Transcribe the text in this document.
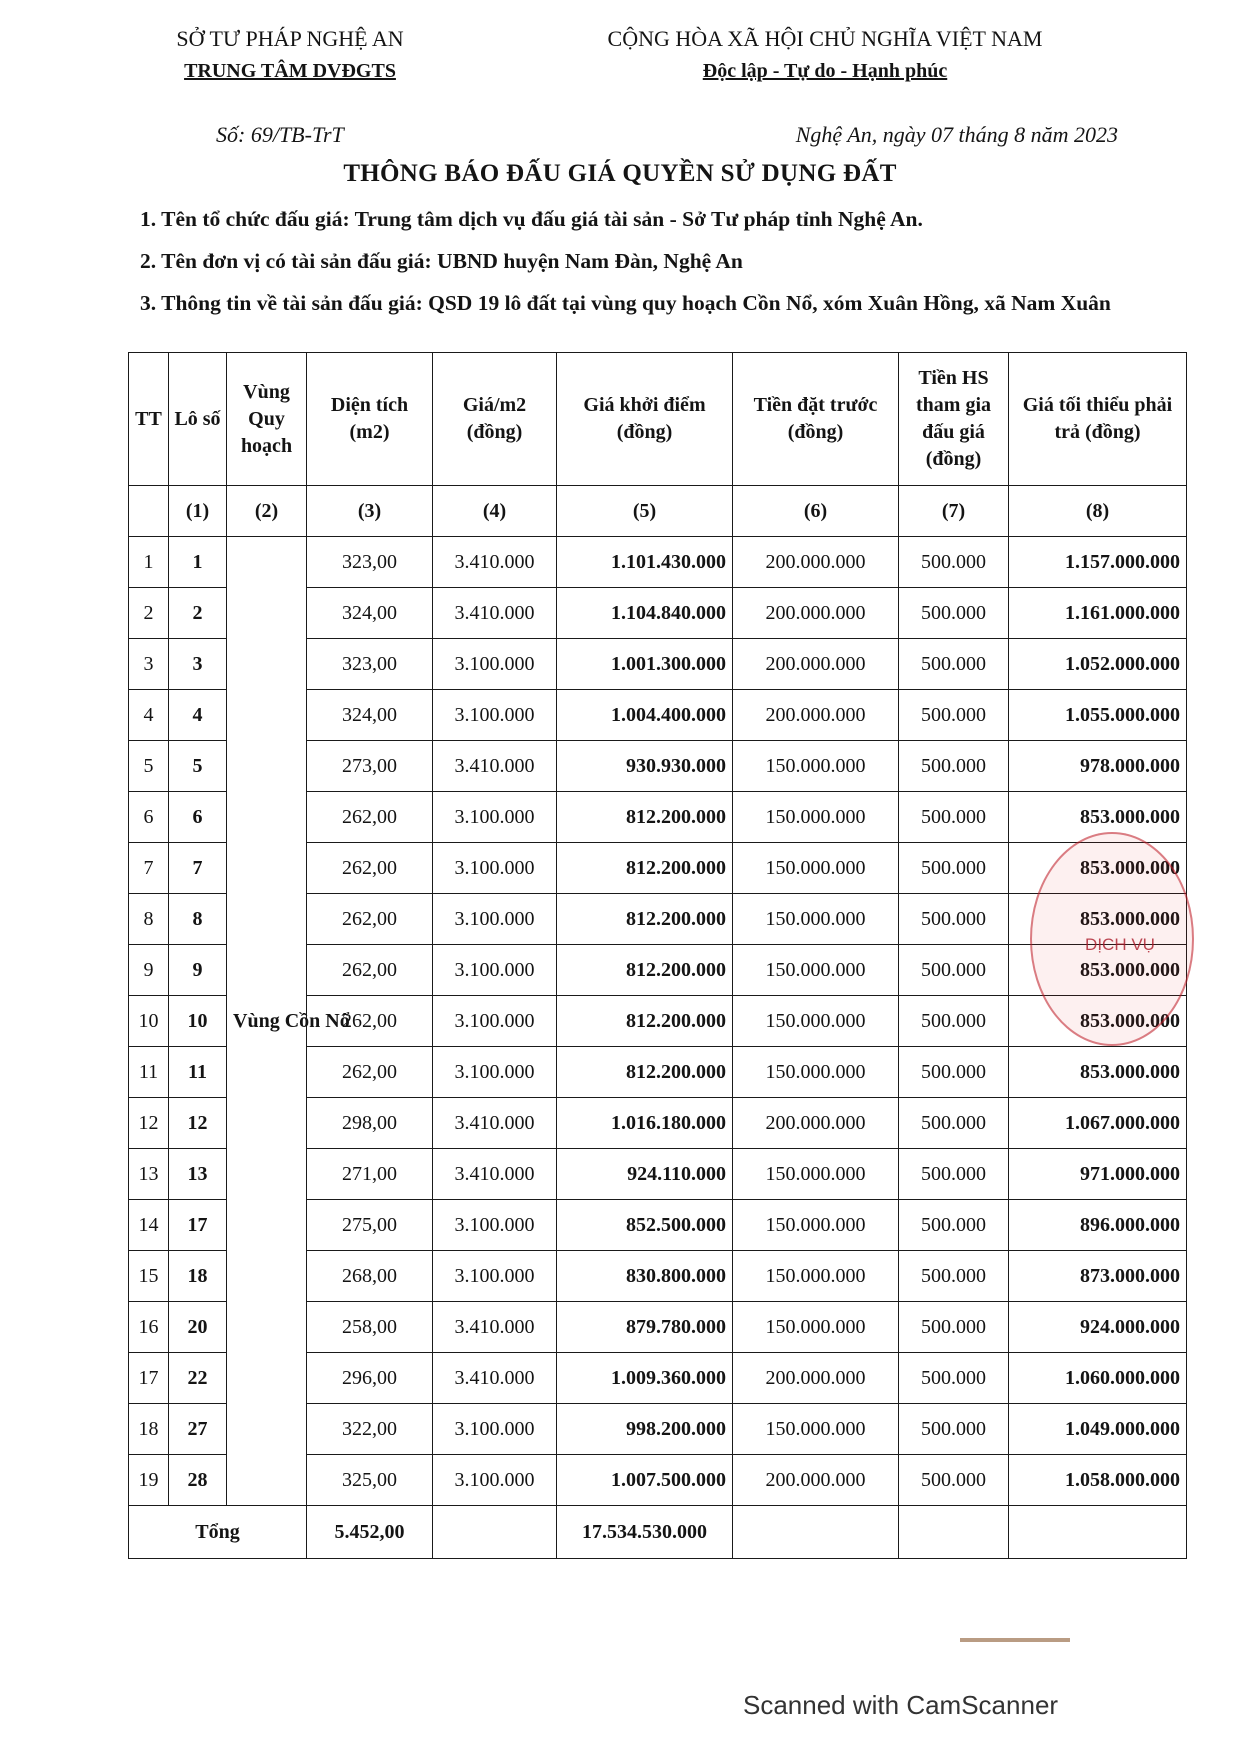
SỞ TƯ PHÁP NGHỆ AN
TRUNG TÂM DVĐGTS
CỘNG HÒA XÃ HỘI CHỦ NGHĨA VIỆT NAM
Độc lập - Tự do - Hạnh phúc
Số: 69/TB-TrT	Nghệ An, ngày 07 tháng 8 năm 2023
THÔNG BÁO ĐẤU GIÁ QUYỀN SỬ DỤNG ĐẤT
1. Tên tổ chức đấu giá: Trung tâm dịch vụ đấu giá tài sản - Sở Tư pháp tỉnh Nghệ An.
2. Tên đơn vị có tài sản đấu giá: UBND huyện Nam Đàn, Nghệ An
3. Thông tin về tài sản đấu giá: QSD 19 lô đất tại vùng quy hoạch Cồn Nổ, xóm Xuân Hồng, xã Nam Xuân
TT	Lô số	Vùng Quy hoạch	Diện tích (m2)	Giá/m2 (đồng)	Giá khởi điểm (đồng)	Tiền đặt trước (đồng)	Tiền HS tham gia đấu giá (đồng)	Giá tối thiểu phải trả (đồng)
	(1)	(2)	(3)	(4)	(5)	(6)	(7)	(8)
1	1	Vùng Cồn Nổ	323,00	3.410.000	1.101.430.000	200.000.000	500.000	1.157.000.000
2	2		324,00	3.410.000	1.104.840.000	200.000.000	500.000	1.161.000.000
3	3		323,00	3.100.000	1.001.300.000	200.000.000	500.000	1.052.000.000
4	4		324,00	3.100.000	1.004.400.000	200.000.000	500.000	1.055.000.000
5	5		273,00	3.410.000	930.930.000	150.000.000	500.000	978.000.000
6	6		262,00	3.100.000	812.200.000	150.000.000	500.000	853.000.000
7	7		262,00	3.100.000	812.200.000	150.000.000	500.000	853.000.000
8	8		262,00	3.100.000	812.200.000	150.000.000	500.000	853.000.000
9	9		262,00	3.100.000	812.200.000	150.000.000	500.000	853.000.000
10	10		262,00	3.100.000	812.200.000	150.000.000	500.000	853.000.000
11	11		262,00	3.100.000	812.200.000	150.000.000	500.000	853.000.000
12	12		298,00	3.410.000	1.016.180.000	200.000.000	500.000	1.067.000.000
13	13		271,00	3.410.000	924.110.000	150.000.000	500.000	971.000.000
14	17		275,00	3.100.000	852.500.000	150.000.000	500.000	896.000.000
15	18		268,00	3.100.000	830.800.000	150.000.000	500.000	873.000.000
16	20		258,00	3.410.000	879.780.000	150.000.000	500.000	924.000.000
17	22		296,00	3.410.000	1.009.360.000	200.000.000	500.000	1.060.000.000
18	27		322,00	3.100.000	998.200.000	150.000.000	500.000	1.049.000.000
19	28		325,00	3.100.000	1.007.500.000	200.000.000	500.000	1.058.000.000
Tổng			5.452,00		17.534.530.000			
DỊCH VỤ
Scanned with CamScanner
